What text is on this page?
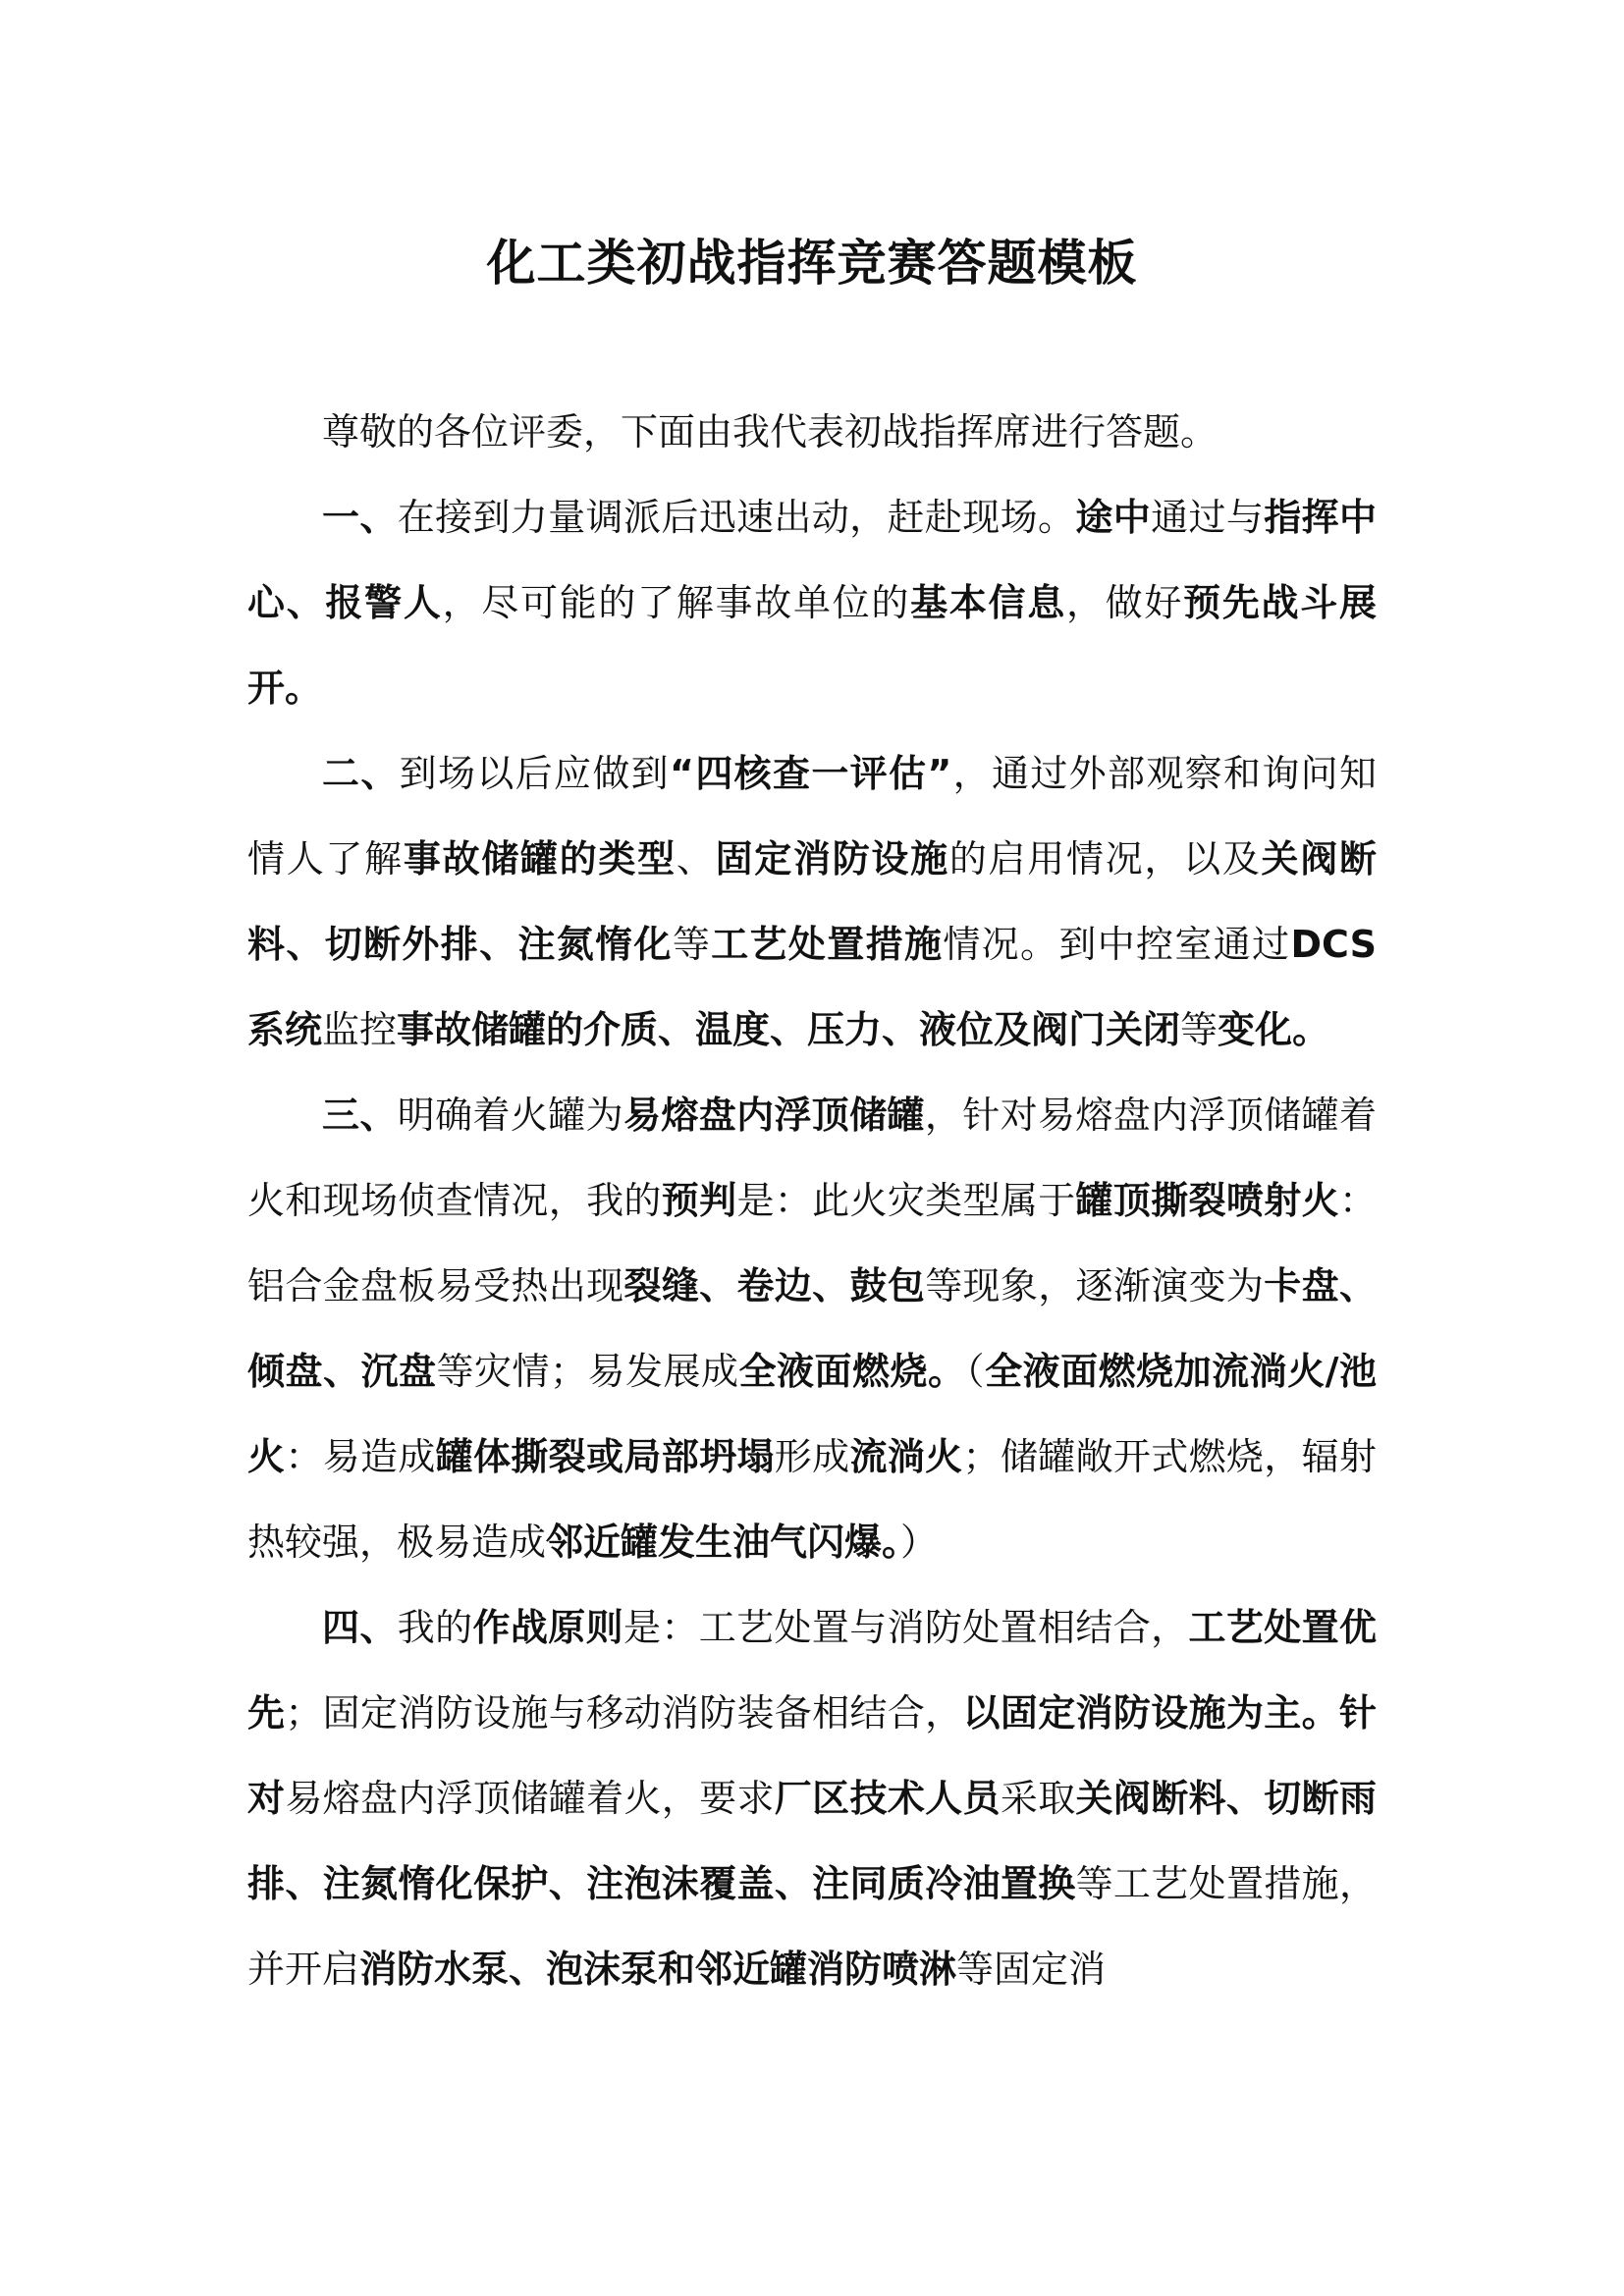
化工类初战指挥竞赛答题模板

尊敬的各位评委，下面由我代表初战指挥席进行答题。

一、在接到力量调派后迅速出动，赶赴现场。途中通过与指挥中心、报警人，尽可能的了解事故单位的基本信息，做好预先战斗展开。

二、到场以后应做到“四核查一评估”，通过外部观察和询问知情人了解事故储罐的类型、固定消防设施的启用情况，以及关阀断料、切断外排、注氮惰化等工艺处置措施情况。到中控室通过DCS 系统监控事故储罐的介质、温度、压力、液位及阀门关闭等变化。

三、明确着火罐为易熔盘内浮顶储罐，针对易熔盘内浮顶储罐着火和现场侦查情况，我的预判是：此火灾类型属于罐顶撕裂喷射火：铝合金盘板易受热出现裂缝、卷边、鼓包等现象，逐渐演变为卡盘、倾盘、沉盘等灾情；易发展成全液面燃烧。（全液面燃烧加流淌火/池火：易造成罐体撕裂或局部坍塌形成流淌火；储罐敞开式燃烧，辐射热较强，极易造成邻近罐发生油气闪爆。）

四、我的作战原则是：工艺处置与消防处置相结合，工艺处置优先；固定消防设施与移动消防装备相结合，以固定消防设施为主。针对易熔盘内浮顶储罐着火，要求厂区技术人员采取关阀断料、切断雨排、注氮惰化保护、注泡沫覆盖、注同质冷油置换等工艺处置措施，并开启消防水泵、泡沫泵和邻近罐消防喷淋等固定消
